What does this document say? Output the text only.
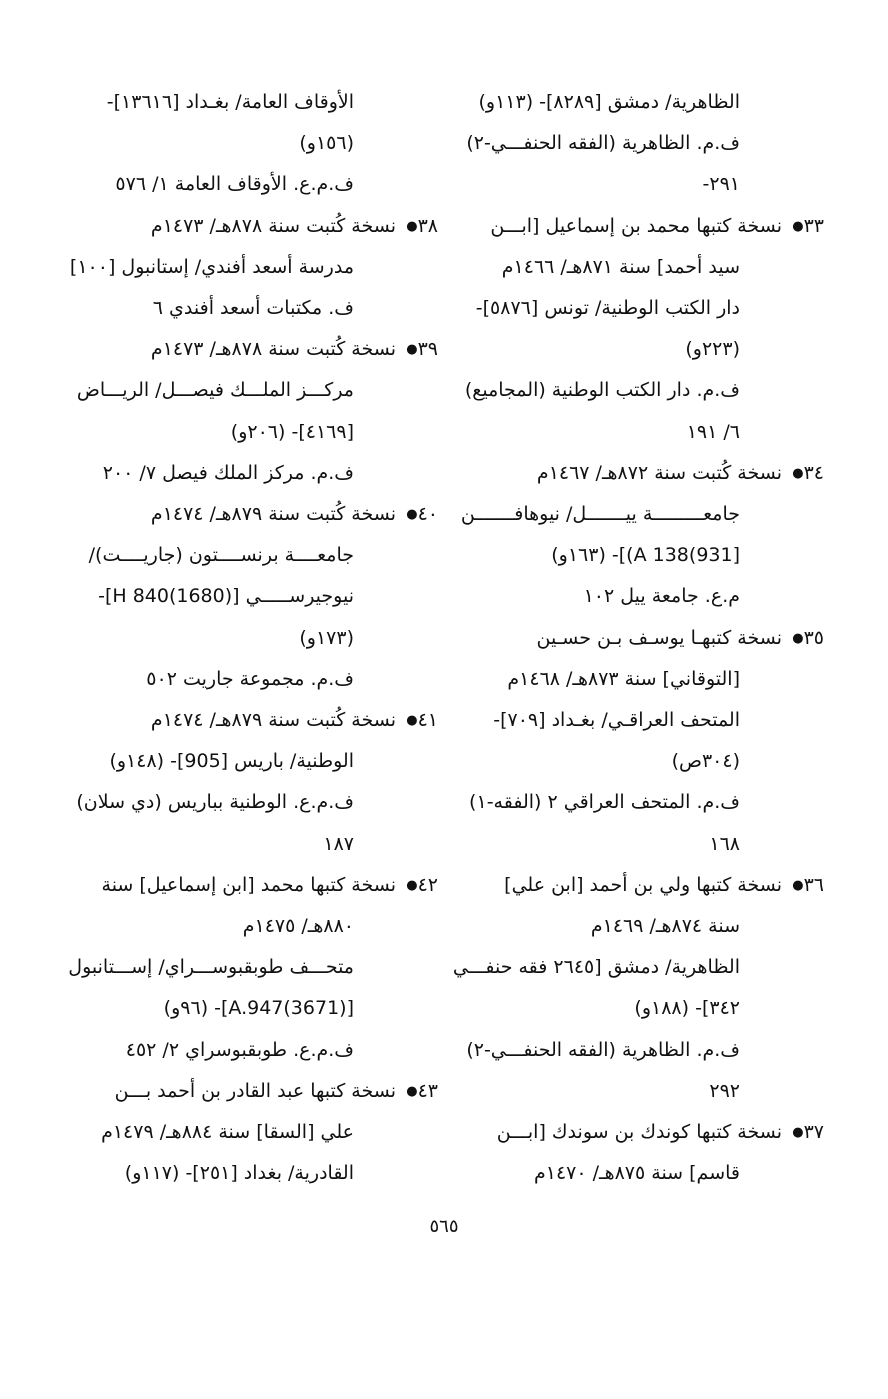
الظاهرية/ دمشق [٨٢٨٩]- (١١٣و)
ف.م. الظاهرية (الفقه الحنفـــي-٢)
٢٩١-
٣٣●نسخة كتبها محمد بن إسماعيل [ابـــن
سيد أحمد] سنة ٨٧١هـ/ ١٤٦٦م
دار الكتب الوطنية/ تونس [٥٨٧٦]-
(٢٢٣و)
ف.م. دار الكتب الوطنية (المجاميع)
٦/ ١٩١
٣٤●نسخة كُتبت سنة ٨٧٢هـ/ ١٤٦٧م
جامعـــــــــة ييـــــــل/ نيوهافـــــــن
[931)A 138)]- (١٦٣و)
م.ع. جامعة ييل ١٠٢
٣٥●نسخة كتبهـا يوسـف بـن حسـين
[التوقاني] سنة ٨٧٣هـ/ ١٤٦٨م
المتحف العراقـي/ بغـداد [٧٠٩]-
(٣٠٤ص)
ف.م. المتحف العراقي ٢ (الفقه-١)
١٦٨
٣٦●نسخة كتبها ولي بن أحمد [ابن علي]
سنة ٨٧٤هـ/ ١٤٦٩م
الظاهرية/ دمشق [٢٦٤٥ فقه حنفـــي
٣٤٢]- (١٨٨و)
ف.م. الظاهرية (الفقه الحنفـــي-٢)
٢٩٢
٣٧●نسخة كتبها كوندك بن سوندك [ابـــن
قاسم] سنة ٨٧٥هـ/ ١٤٧٠م
الأوقاف العامة/ بغـداد [١٣٦١٦]-
(١٥٦و)
ف.م.ع. الأوقاف العامة ١/ ٥٧٦
٣٨●نسخة كُتبت سنة ٨٧٨هـ/ ١٤٧٣م
مدرسة أسعد أفندي/ إستانبول [١٠٠]
ف. مكتبات أسعد أفندي ٦
٣٩●نسخة كُتبت سنة ٨٧٨هـ/ ١٤٧٣م
مركـــز الملـــك فيصـــل/ الريـــاض
[٤١٦٩]- (٢٠٦و)
ف.م. مركز الملك فيصل ٧/ ٢٠٠
٤٠●نسخة كُتبت سنة ٨٧٩هـ/ ١٤٧٤م
جامعــــة برنســــتون (جاريــــت)/
نيوجيرســـــي [H 840(1680)]-
(١٧٣و)
ف.م. مجموعة جاريت ٥٠٢
٤١●نسخة كُتبت سنة ٨٧٩هـ/ ١٤٧٤م
الوطنية/ باريس [905]- (١٤٨و)
ف.م.ع. الوطنية بباريس (دي سلان)
١٨٧
٤٢●نسخة كتبها محمد [ابن إسماعيل] سنة
٨٨٠هـ/ ١٤٧٥م
متحـــف طوبقبوســـراي/ إســـتانبول
[A.947(3671)]- (٩٦و)
ف.م.ع. طوبقبوسراي ٢/ ٤٥٢
٤٣●نسخة كتبها عبد القادر بن أحمد بـــن
علي [السقا] سنة ٨٨٤هـ/ ١٤٧٩م
القادرية/ بغداد [٢٥١]- (١١٧و)
٥٦٥
